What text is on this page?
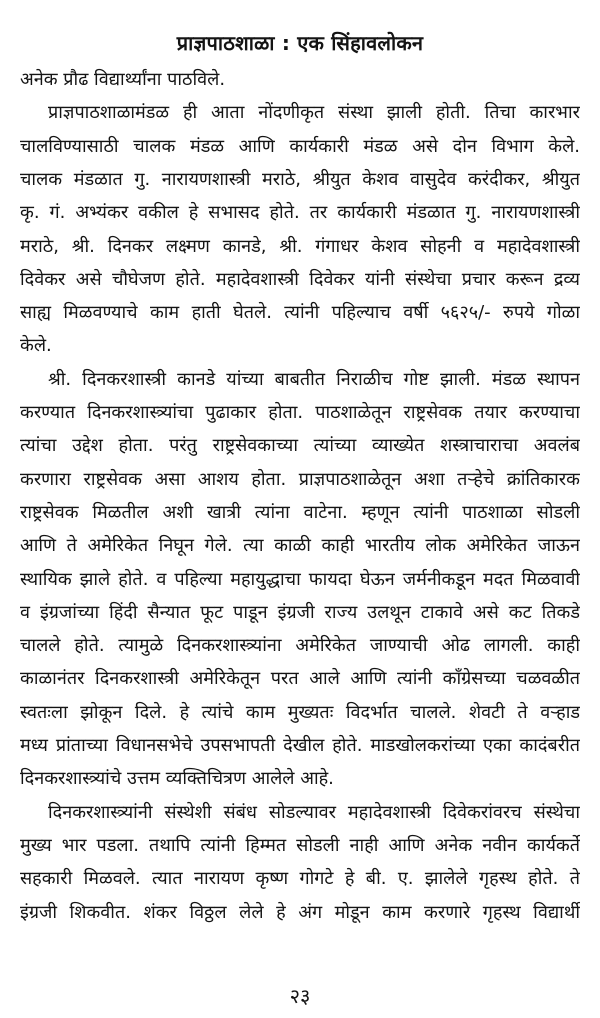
प्राज्ञपाठशाळा : एक सिंहावलोकन
अनेक प्रौढ विद्यार्थ्यांना पाठविले.
प्राज्ञपाठशाळामंडळ ही आता नोंदणीकृत संस्था झाली होती. तिचा कारभार
चालविण्यासाठी चालक मंडळ आणि कार्यकारी मंडळ असे दोन विभाग केले.
चालक मंडळात गु. नारायणशास्त्री मराठे, श्रीयुत केशव वासुदेव करंदीकर, श्रीयुत
कृ. गं. अभ्यंकर वकील हे सभासद होते. तर कार्यकारी मंडळात गु. नारायणशास्त्री
मराठे, श्री. दिनकर लक्ष्मण कानडे, श्री. गंगाधर केशव सोहनी व महादेवशास्त्री
दिवेकर असे चौघेजण होते. महादेवशास्त्री दिवेकर यांनी संस्थेचा प्रचार करून द्रव्य
साह्य मिळवण्याचे काम हाती घेतले. त्यांनी पहिल्याच वर्षी ५६२५/- रुपये गोळा
केले.
श्री. दिनकरशास्त्री कानडे यांच्या बाबतीत निराळीच गोष्ट झाली. मंडळ स्थापन
करण्यात दिनकरशास्त्र्यांचा पुढाकार होता. पाठशाळेतून राष्ट्रसेवक तयार करण्याचा
त्यांचा उद्देश होता. परंतु राष्ट्रसेवकाच्या त्यांच्या व्याख्येत शस्त्राचाराचा अवलंब
करणारा राष्ट्रसेवक असा आशय होता. प्राज्ञपाठशाळेतून अशा तऱ्हेचे क्रांतिकारक
राष्ट्रसेवक मिळतील अशी खात्री त्यांना वाटेना. म्हणून त्यांनी पाठशाळा सोडली
आणि ते अमेरिकेत निघून गेले. त्या काळी काही भारतीय लोक अमेरिकेत जाऊन
स्थायिक झाले होते. व पहिल्या महायुद्धाचा फायदा घेऊन जर्मनीकडून मदत मिळवावी
व इंग्रजांच्या हिंदी सैन्यात फूट पाडून इंग्रजी राज्य उलथून टाकावे असे कट तिकडे
चालले होते. त्यामुळे दिनकरशास्त्र्यांना अमेरिकेत जाण्याची ओढ लागली. काही
काळानंतर दिनकरशास्त्री अमेरिकेतून परत आले आणि त्यांनी काँग्रेसच्या चळवळीत
स्वतःला झोकून दिले. हे त्यांचे काम मुख्यतः विदर्भात चालले. शेवटी ते वऱ्हाड
मध्य प्रांताच्या विधानसभेचे उपसभापती देखील होते. माडखोलकरांच्या एका कादंबरीत
दिनकरशास्त्र्यांचे उत्तम व्यक्तिचित्रण आलेले आहे.
दिनकरशास्त्र्यांनी संस्थेशी संबंध सोडल्यावर महादेवशास्त्री दिवेकरांवरच संस्थेचा
मुख्य भार पडला. तथापि त्यांनी हिम्मत सोडली नाही आणि अनेक नवीन कार्यकर्ते
सहकारी मिळवले. त्यात नारायण कृष्ण गोगटे हे बी. ए. झालेले गृहस्थ होते. ते
इंग्रजी शिकवीत. शंकर विठ्ठल लेले हे अंग मोडून काम करणारे गृहस्थ विद्यार्थी
२३
